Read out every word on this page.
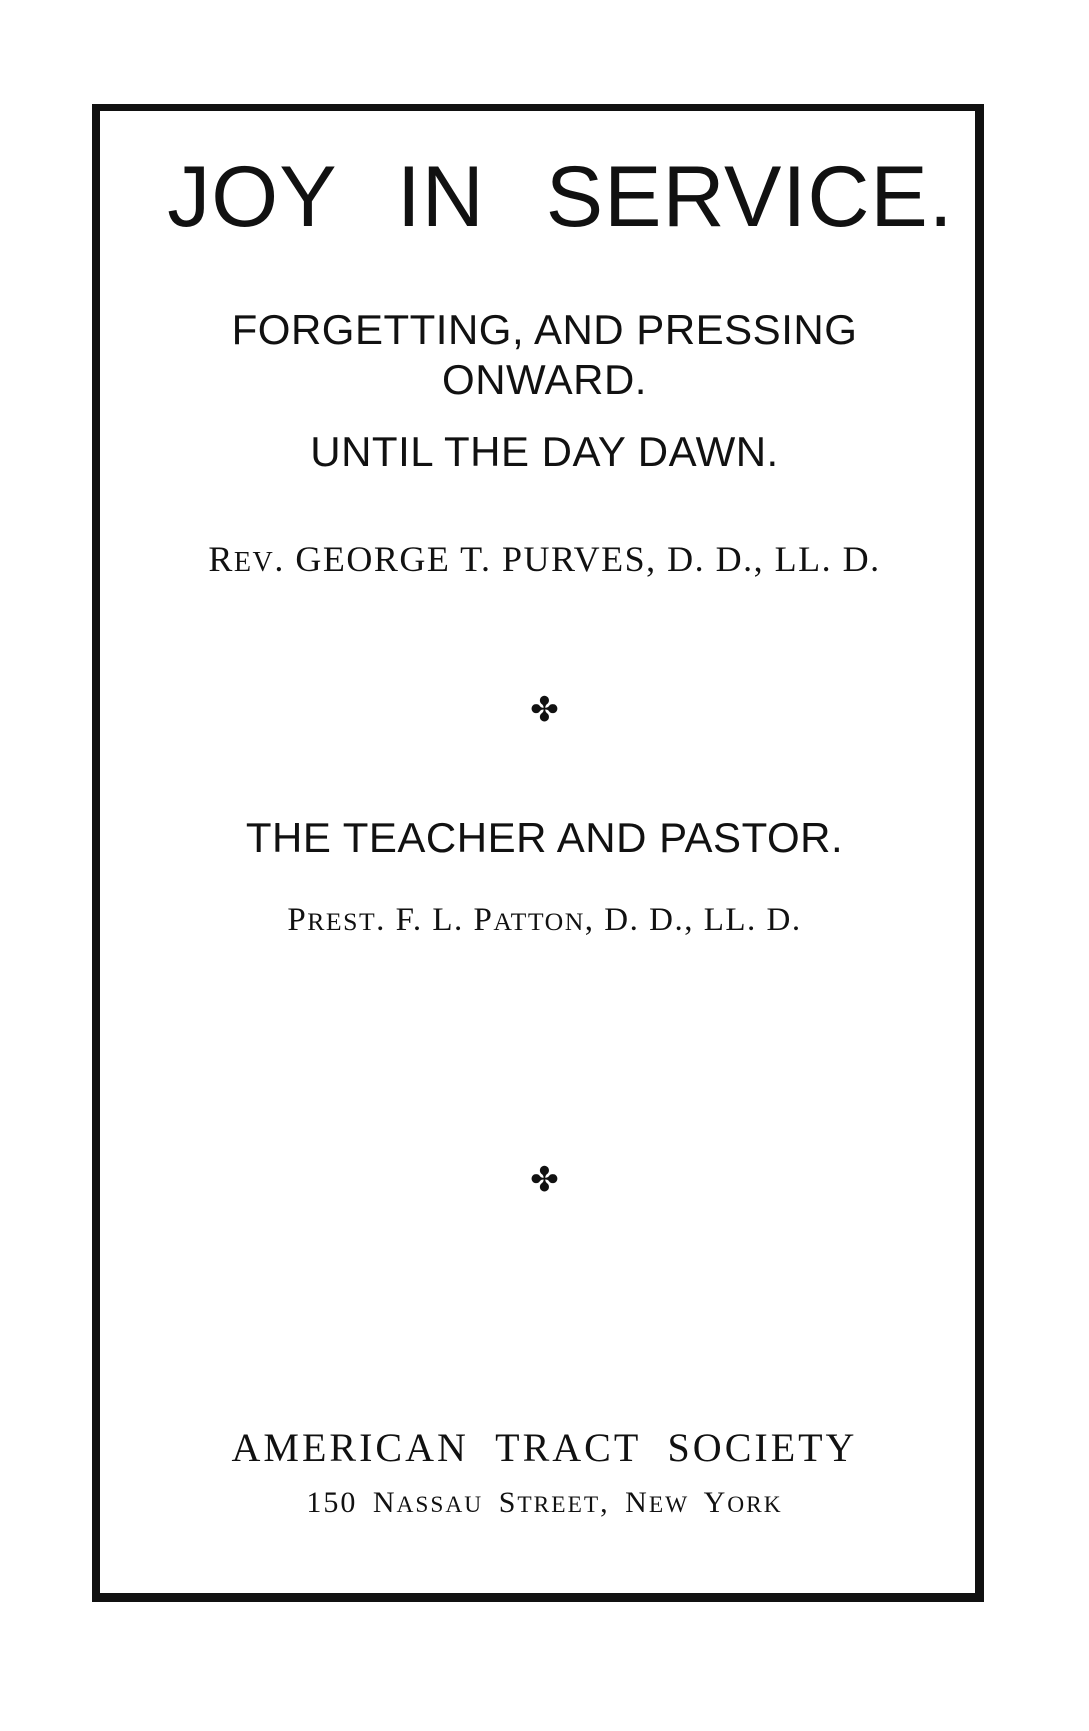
JOY IN SERVICE.

FORGETTING, AND PRESSING

ONWARD.

UNTIL THE DAY DAWN.

REV. GEORGE T. PURVES, D. D., LL. D.

✤

THE TEACHER AND PASTOR.

PREST. F. L. PATTON, D. D., LL. D.

✤

AMERICAN TRACT SOCIETY

150 NASSAU STREET, NEW YORK
